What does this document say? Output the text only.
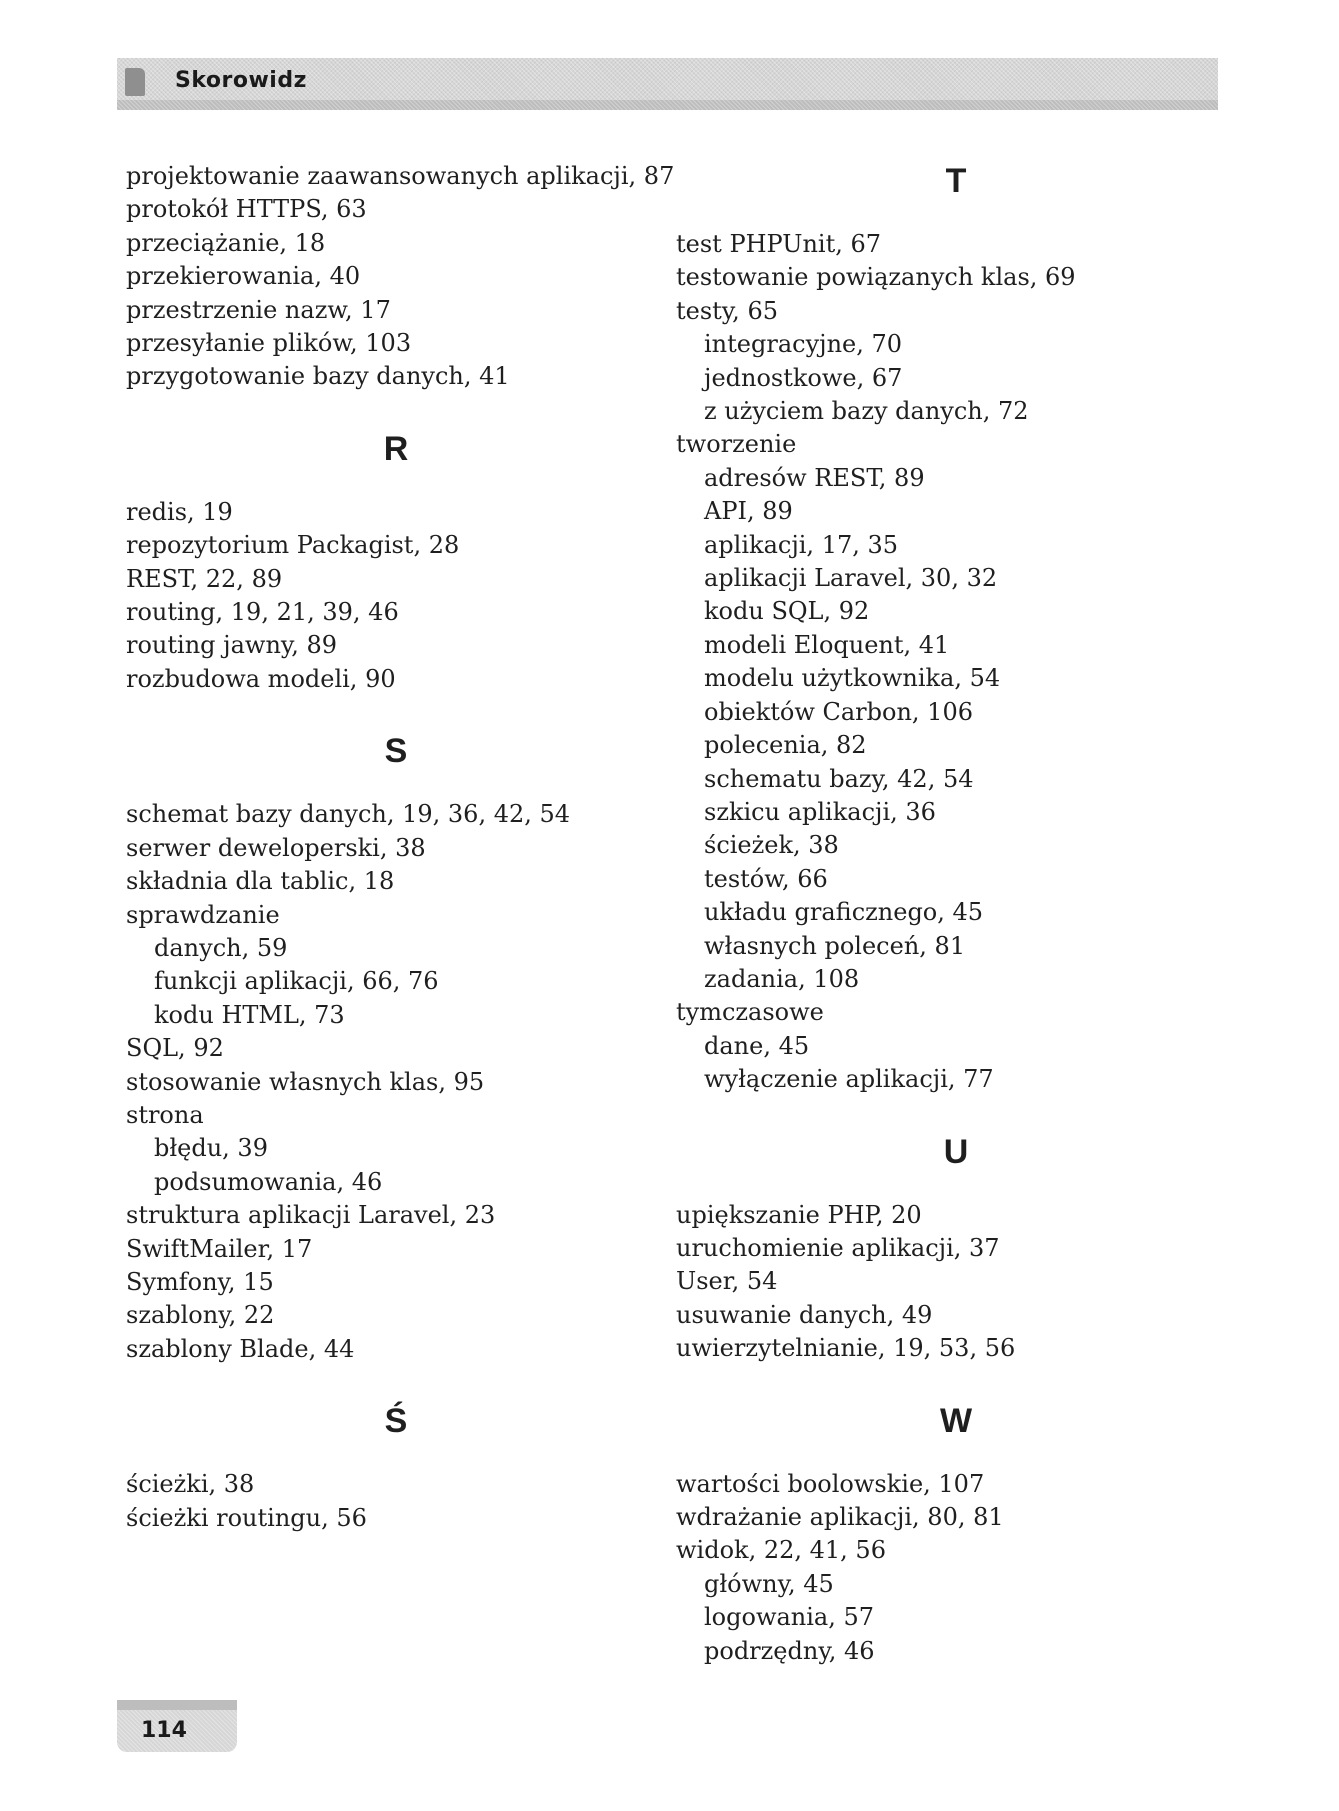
Skorowidz
projektowanie zaawansowanych aplikacji, 87
protokół HTTPS, 63
przeciążanie, 18
przekierowania, 40
przestrzenie nazw, 17
przesyłanie plików, 103
przygotowanie bazy danych, 41
R
redis, 19
repozytorium Packagist, 28
REST, 22, 89
routing, 19, 21, 39, 46
routing jawny, 89
rozbudowa modeli, 90
S
schemat bazy danych, 19, 36, 42, 54
serwer deweloperski, 38
składnia dla tablic, 18
sprawdzanie
danych, 59
funkcji aplikacji, 66, 76
kodu HTML, 73
SQL, 92
stosowanie własnych klas, 95
strona
błędu, 39
podsumowania, 46
struktura aplikacji Laravel, 23
SwiftMailer, 17
Symfony, 15
szablony, 22
szablony Blade, 44
Ś
ścieżki, 38
ścieżki routingu, 56
T
test PHPUnit, 67
testowanie powiązanych klas, 69
testy, 65
integracyjne, 70
jednostkowe, 67
z użyciem bazy danych, 72
tworzenie
adresów REST, 89
API, 89
aplikacji, 17, 35
aplikacji Laravel, 30, 32
kodu SQL, 92
modeli Eloquent, 41
modelu użytkownika, 54
obiektów Carbon, 106
polecenia, 82
schematu bazy, 42, 54
szkicu aplikacji, 36
ścieżek, 38
testów, 66
układu graficznego, 45
własnych poleceń, 81
zadania, 108
tymczasowe
dane, 45
wyłączenie aplikacji, 77
U
upiększanie PHP, 20
uruchomienie aplikacji, 37
User, 54
usuwanie danych, 49
uwierzytelnianie, 19, 53, 56
W
wartości boolowskie, 107
wdrażanie aplikacji, 80, 81
widok, 22, 41, 56
główny, 45
logowania, 57
podrzędny, 46
114
